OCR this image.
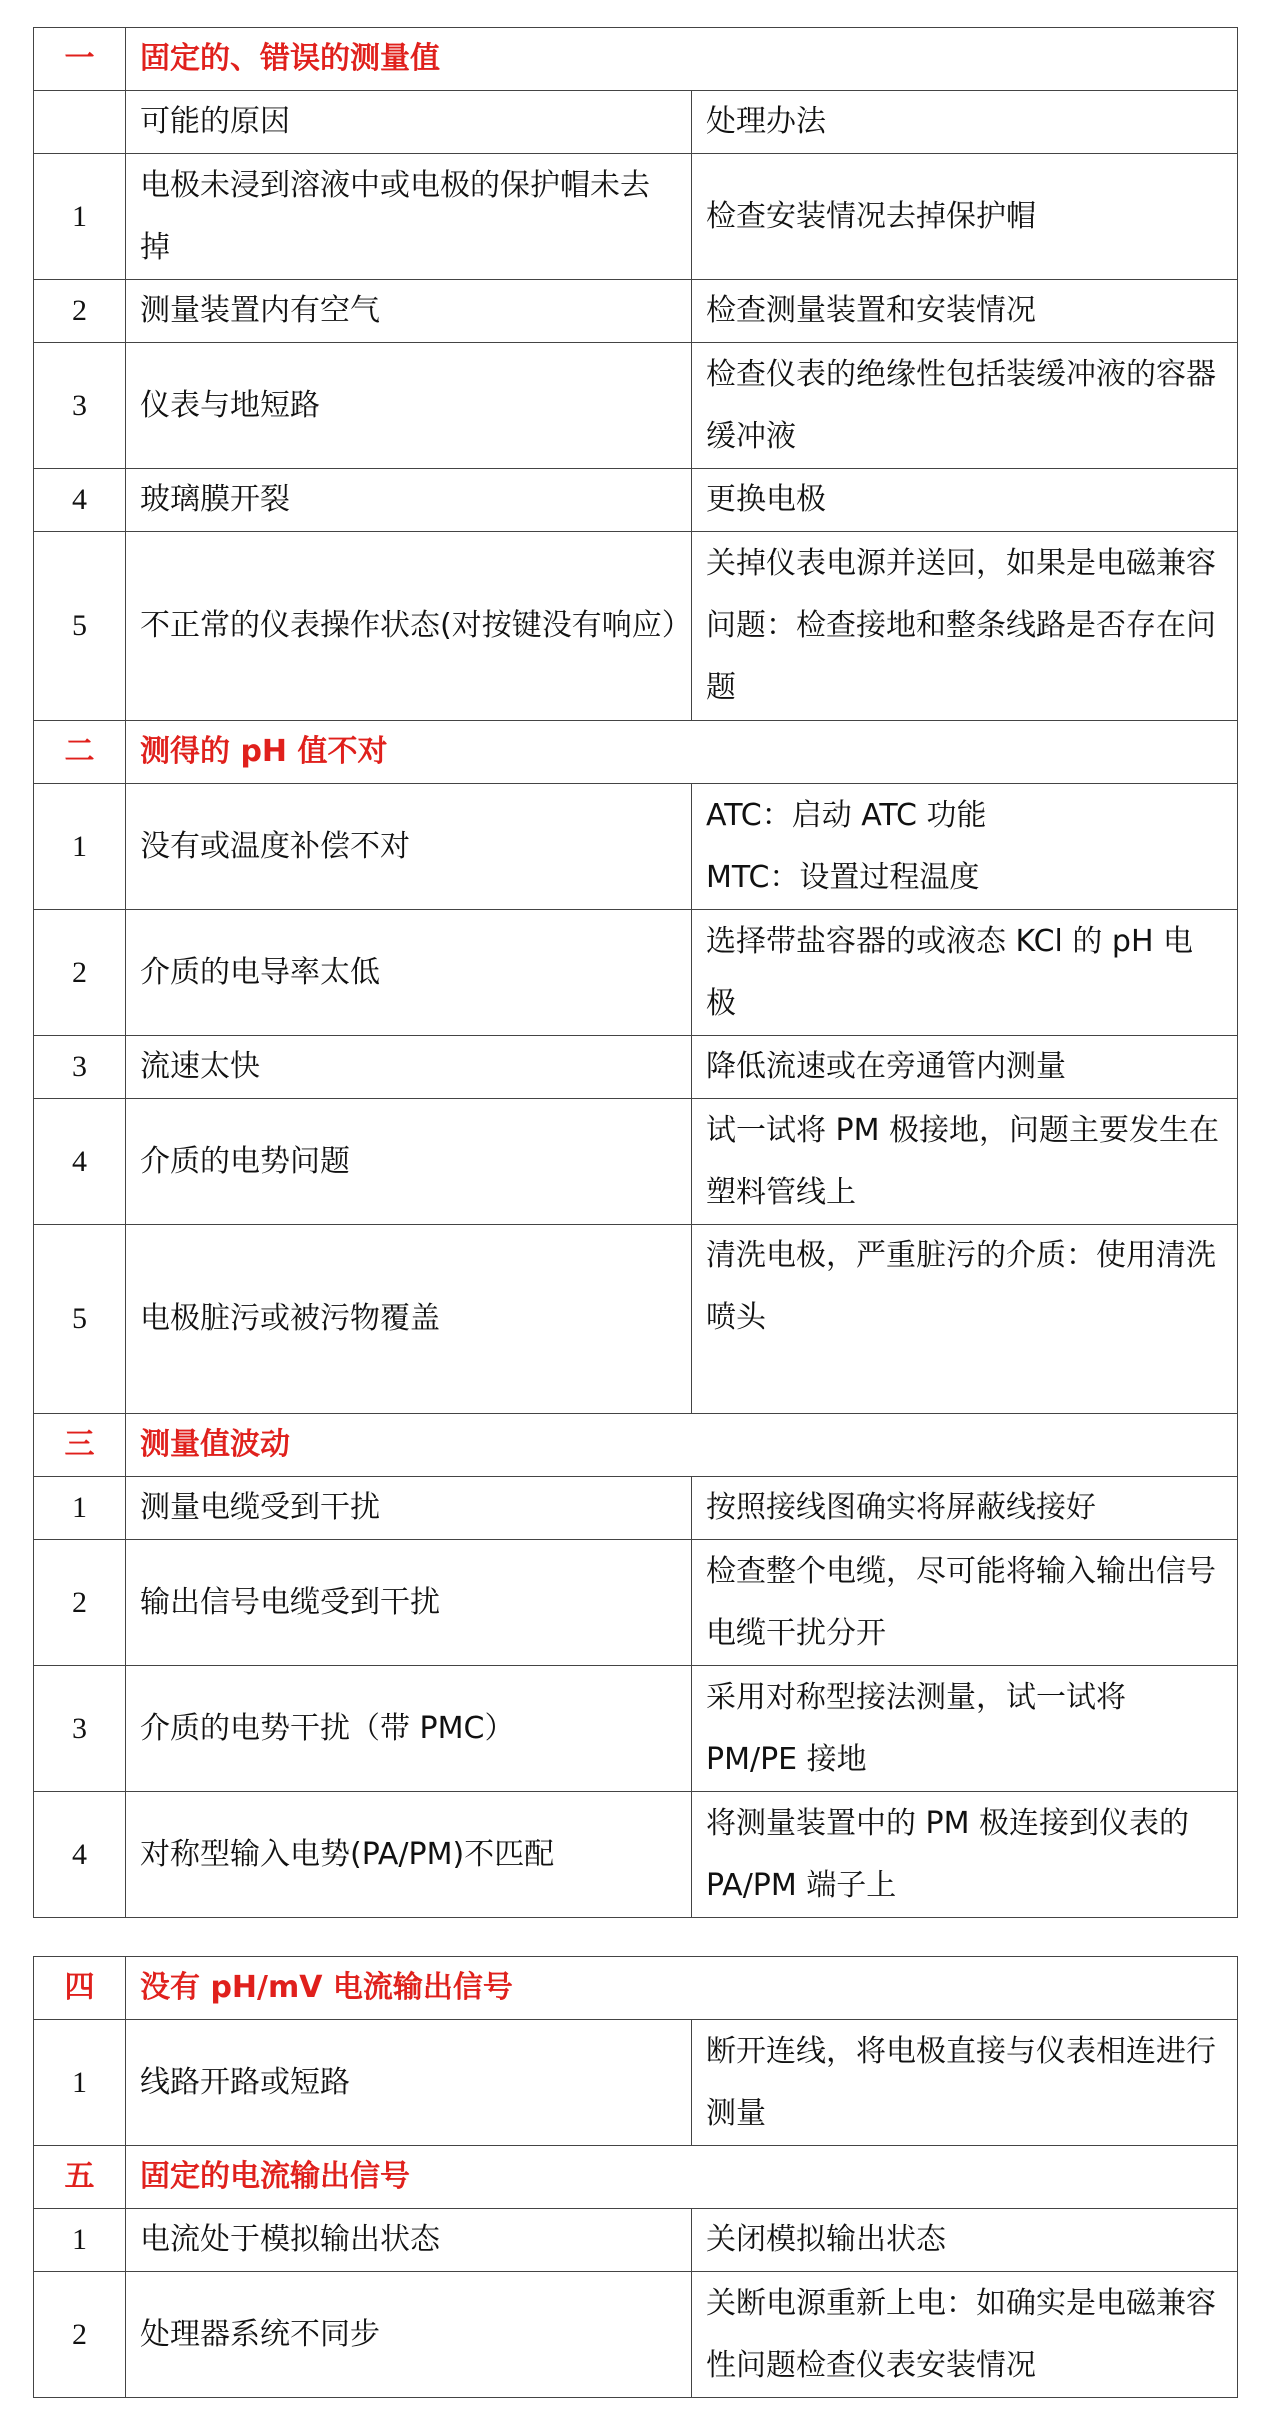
一	固定的、错误的测量值	
	可能的原因	处理办法
1	电极未浸到溶液中或电极的保护帽未去掉	检查安装情况去掉保护帽
2	测量装置内有空气	检查测量装置和安装情况
3	仪表与地短路	检查仪表的绝缘性包括装缓冲液的容器缓冲液
4	玻璃膜开裂	更换电极
5	不正常的仪表操作状态(对按键没有响应）	关掉仪表电源并送回，如果是电磁兼容问题：检查接地和整条线路是否存在问题
二	测得的 pH 值不对	
1	没有或温度补偿不对	ATC：启动 ATC 功能
MTC：设置过程温度

2	介质的电导率太低	选择带盐容器的或液态 KCl 的 pH 电极
3	流速太快	降低流速或在旁通管内测量
4	介质的电势问题	试一试将 PM 极接地，问题主要发生在塑料管线上
5	电极脏污或被污物覆盖	清洗电极，严重脏污的介质：使用清洗喷头
三	测量值波动	
1	测量电缆受到干扰	按照接线图确实将屏蔽线接好
2	输出信号电缆受到干扰	检查整个电缆，尽可能将输入输出信号电缆干扰分开
3	介质的电势干扰（带 PMC）	采用对称型接法测量，试一试将 PM/PE 接地
4	对称型输入电势(PA/PM)不匹配	将测量装置中的 PM 极连接到仪表的 PA/PM 端子上
四	没有 pH/mV 电流输出信号	
1	线路开路或短路	断开连线，将电极直接与仪表相连进行测量
五	固定的电流输出信号	
1	电流处于模拟输出状态	关闭模拟输出状态
2	处理器系统不同步	关断电源重新上电：如确实是电磁兼容性问题检查仪表安装情况
